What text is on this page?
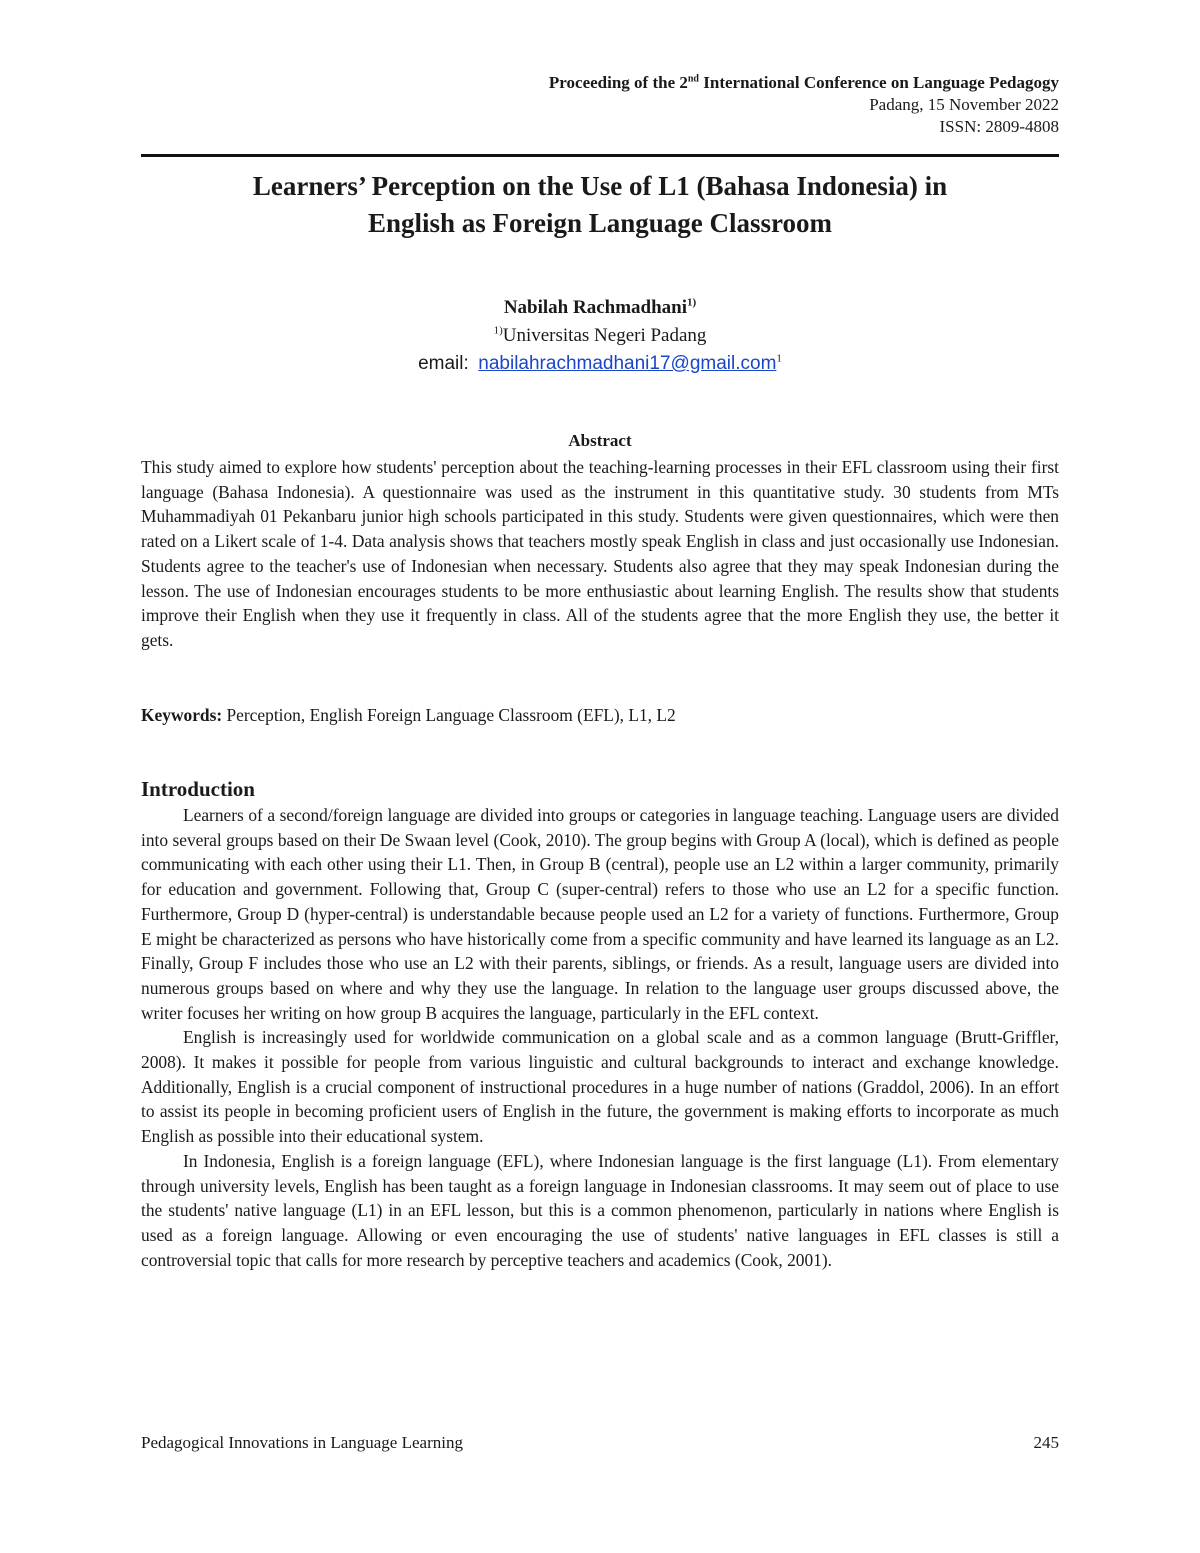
Proceeding of the 2nd International Conference on Language Pedagogy
Padang, 15 November 2022
ISSN: 2809-4808
Learners’ Perception on the Use of L1 (Bahasa Indonesia) in
English as Foreign Language Classroom
Nabilah Rachmadhani$^{1)}$
$^{1)}$Universitas Negeri Padang
email: nabilahrachmadhani17@gmail.com$^1$
Abstract
This study aimed to explore how students' perception about the teaching-learning processes in their EFL classroom using their first language (Bahasa Indonesia). A questionnaire was used as the instrument in this quantitative study. 30 students from MTs Muhammadiyah 01 Pekanbaru junior high schools participated in this study. Students were given questionnaires, which were then rated on a Likert scale of 1-4. Data analysis shows that teachers mostly speak English in class and just occasionally use Indonesian. Students agree to the teacher's use of Indonesian when necessary. Students also agree that they may speak Indonesian during the lesson. The use of Indonesian encourages students to be more enthusiastic about learning English. The results show that students improve their English when they use it frequently in class. All of the students agree that the more English they use, the better it gets.
Keywords: Perception, English Foreign Language Classroom (EFL), L1, L2
Introduction

Learners of a second/foreign language are divided into groups or categories in language teaching. Language users are divided into several groups based on their De Swaan level (Cook, 2010). The group begins with Group A (local), which is defined as people communicating with each other using their L1. Then, in Group B (central), people use an L2 within a larger community, primarily for education and government. Following that, Group C (super-central) refers to those who use an L2 for a specific function. Furthermore, Group D (hyper-central) is understandable because people used an L2 for a variety of functions. Furthermore, Group E might be characterized as persons who have historically come from a specific community and have learned its language as an L2. Finally, Group F includes those who use an L2 with their parents, siblings, or friends. As a result, language users are divided into numerous groups based on where and why they use the language. In relation to the language user groups discussed above, the writer focuses her writing on how group B acquires the language, particularly in the EFL context.

English is increasingly used for worldwide communication on a global scale and as a common language (Brutt-Griffler, 2008). It makes it possible for people from various linguistic and cultural backgrounds to interact and exchange knowledge. Additionally, English is a crucial component of instructional procedures in a huge number of nations (Graddol, 2006). In an effort to assist its people in becoming proficient users of English in the future, the government is making efforts to incorporate as much English as possible into their educational system.

In Indonesia, English is a foreign language (EFL), where Indonesian language is the first language (L1). From elementary through university levels, English has been taught as a foreign language in Indonesian classrooms. It may seem out of place to use the students' native language (L1) in an EFL lesson, but this is a common phenomenon, particularly in nations where English is used as a foreign language. Allowing or even encouraging the use of students' native languages in EFL classes is still a controversial topic that calls for more research by perceptive teachers and academics (Cook, 2001).

Pedagogical Innovations in Language Learning	245
